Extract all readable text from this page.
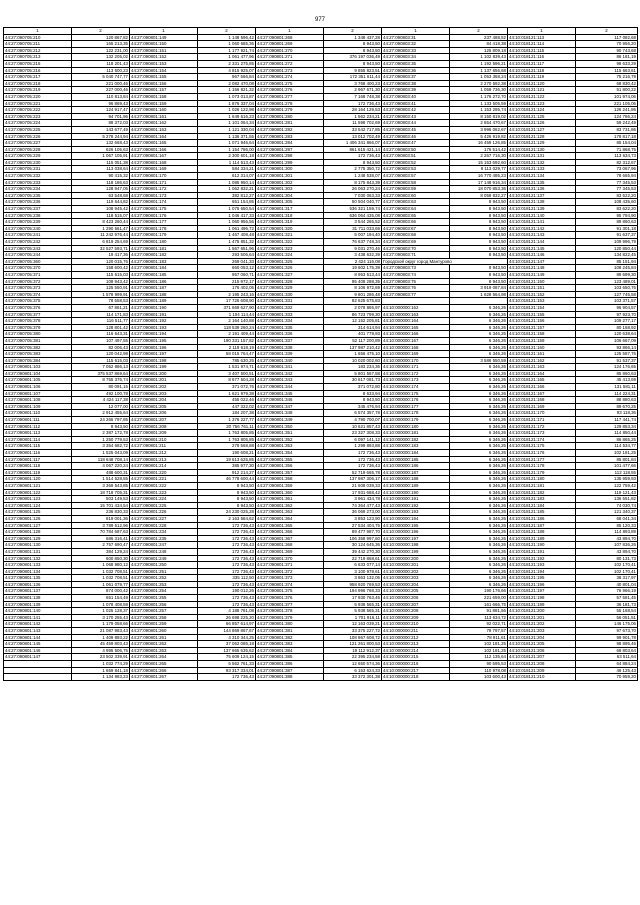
977
1	2	1	2	1	2	1	2	1	2
44:27:090705:210	120 867,82	44:27:090801:149	1 148 596,42	44:27:090801:268	1 348 437,28	44:27:090803:31	237 488,52	44:10:018121:113	117 082,68
44:27:090705:211	165 213,35	44:27:090801:150	1 060 685,36	44:27:090801:269	8 943,50	44:27:090803:32	84 418,38	44:10:018121:114	70 956,20
44:27:090705:212	122 231,00	44:27:090801:151	1 177 921,74	44:27:090801:270	8 943,50	44:27:090803:33	125 809,18	44:10:018121:115	90 743,68
44:27:090705:213	132 205,02	44:27:090801:152	1 061 477,96	44:27:090801:271	376 197 036,49	44:27:090803:34	1 102 839,43	44:10:018121:116	86 181,19
44:27:090705:215	118 201,43	44:27:090801:153	2 331 275,85	44:27:090801:272	8 943,50	44:27:090803:35	1 192 596,21	44:10:018121:117	98 633,29
44:27:090705:216	113 500,23	44:27:090801:154	4 815 925,07	44:27:090801:273	9 855 823,51	44:27:090803:36	1 137 656,68	44:10:018121:118	115 663,61
44:27:090705:217	5 040 747,77	44:27:090801:155	967 566,84	44:27:090801:274	172 351 611,44	44:27:090803:37	1 053 368,24	44:10:018121:119	75 216,79
44:27:090705:218	221 000,46	44:27:090801:156	2 082 470,08	44:27:090801:275	3 768 400,23	44:27:090803:38	2 270 592,38	44:10:018121:120	68 830,42
44:27:090705:219	227 000,46	44:27:090801:157	1 156 821,32	44:27:090801:276	2 967 671,30	44:27:090803:39	1 059 736,30	44:10:018121:121	51 800,22
44:27:090705:220	110 813,84	44:27:090801:158	1 073 013,87	44:27:090801:277	7 168 748,38	44:27:090803:40	1 176 272,70	44:10:018121:122	101 974,06
44:27:090705:221	96 869,43	44:27:090801:159	1 876 337,04	44:27:090801:278	172 736,43	44:27:090803:41	1 133 505,59	44:10:018121:123	221 105,06
44:27:090705:222	124 917,47	44:27:090801:160	1 026 122,98	44:27:090801:279	28 164 129,53	44:27:090803:42	1 153 295,74	44:10:018121:124	126 241,86
44:27:090705:223	94 701,96	44:27:090801:161	1 649 616,23	44:27:090801:280	1 562 234,21	44:27:090803:43	8 150 819,02	44:10:018121:125	124 786,24
44:27:090705:224	88 372,03	44:27:090801:162	1 101 064,34	44:27:090801:281	11 598 702,69	44:27:090803:44	2 654 470,67	44:10:018121:126	59 242,49
44:27:090705:225	143 677,49	44:27:090801:163	1 121 330,04	44:27:090801:282	33 542 717,85	44:27:090803:45	3 996 062,67	44:10:018121:127	83 731,86
44:27:090705:226	5 278 244,94	44:27:090801:164	1 136 371,55	44:27:090801:283	13 012 702,49	44:27:090803:46	5 426 919,82	44:10:018121:128	178 817,18
44:27:090705:227	132 668,43	44:27:090801:165	1 071 946,64	44:27:090801:284	1 406 341 866,07	44:27:090803:47	16 459 126,85	44:10:018121:129	85 154,04
44:27:090705:228	626 105,63	44:27:090801:166	1 154 786,00	44:27:090801:297	861 615 421,14	44:27:090803:50	176 514,42	44:10:018121:130	71 868,75
44:27:090705:229	1 067 105,91	44:27:090801:167	2 300 601,18	44:27:090801:298	172 736,43	44:27:090803:51	2 267 716,30	44:10:018121:131	113 634,73
44:27:090705:230	115 051,38	44:27:090801:168	1 114 513,43	44:27:090801:299	8 943,50	44:27:090803:52	15 153 692,60	44:10:018121:132	82 312,67
44:27:090705:231	113 038,64	44:27:090801:169	584 334,21	44:27:090801:300	2 775 350,72	44:27:090803:53	8 113 029,77	44:10:018121:133	73 067,96
44:27:090705:232	90 415,32	44:27:090801:170	612 314,07	44:27:090801:301	1 248 538,07	44:27:090803:57	16 770 485,23	44:10:018121:134	78 665,94
44:27:090705:233	118 186,63	44:27:090801:171	1 085 950,14	44:27:090801:302	8 175 843,39	44:27:090803:58	17 148 916,34	44:10:018121:135	77 345,53
44:27:090705:234	128 947,05	44:27:090801:172	1 062 832,21	44:27:090801:303	26 063 270,24	44:27:090803:59	18 070 853,36	44:10:018121:136	77 345,53
44:27:090705:235	63 548,68	44:27:090801:173	382 812,27	44:27:090801:304	7 030 063,33	44:27:090803:60	8 059 832,27	44:10:018121:137	83 622,20
44:27:090705:236	119 644,82	44:27:090801:174	651 154,85	44:27:090801:305	50 504 040,77	44:27:090803:63	8 943,50	44:10:018121:138	108 435,60
44:27:090705:237	108 945,42	44:27:090801:175	1 075 650,54	44:27:090801:317	536 321 159,74	44:27:090803:64	8 943,50	44:10:018121:139	83 622,20
44:27:090705:238	118 515,07	44:27:090801:176	1 046 417,33	44:27:090801:318	636 064 435,08	44:27:090803:65	8 943,50	44:10:018121:140	95 794,90
44:27:090705:239	8 423 260,44	44:27:090801:177	1 060 956,56	44:27:090801:319	3 544 265,52	44:27:090803:66	8 943,50	44:10:018121:141	89 860,63
44:27:090705:240	1 290 561,47	44:27:090801:178	1 061 496,72	44:27:090801:320	31 711 033,69	44:27:090803:67	8 943,50	44:10:018121:142	91 301,18
44:27:090705:241	11 242 976,44	44:27:090801:179	1 467 408,48	44:27:090801:321	5 007 194,40	44:27:090803:68	8 943,50	44:10:018121:143	91 637,37
44:27:090705:242	6 819 254,69	44:27:090801:180	1 475 851,32	44:27:090801:322	76 637 748,34	44:27:090803:69	8 943,50	44:10:018121:144	109 996,79
44:27:090705:243	32 527 593,71	44:27:090801:181	1 567 651,96	44:27:090801:323	9 031 270,46	44:27:090803:70	8 943,50	44:10:018121:145	120 850,44
44:27:090705:244	19 417,36	44:27:090801:182	293 506,64	44:27:090801:324	3 438 632,39	44:27:090803:71	8 943,50	44:10:018121:146	134 822,45
44:27:090705:360	120 015,76	44:27:090801:183	269 041,33	44:27:090801:325	2 424 116,08	Городской округ город Мантурово		44:10:018121:147	85 151,94
44:27:090705:370	158 600,42	44:27:090801:184	660 053,12	44:27:090801:326	19 602 175,39	44:27:090803:73	8 943,50	44:10:018121:148	108 245,84
44:27:090705:371	115 615,03	44:27:090801:185	957 060,71	44:27:090801:327	8 953 513,44	44:27:090803:74	8 943,50	44:10:018121:149	89 699,30
44:27:090705:372	108 943,42	44:27:090801:186	215 972,17	44:27:090801:328	95 408 288,35	44:27:090803:75	8 943,50	44:10:018121:150	123 489,01
44:27:090705:373	125 550,91	44:27:090801:187	176 402,05	44:27:090801:329	8 106 972,69	44:27:090803:76	3 919 087,84	44:10:018121:151	103 650,76
44:27:090705:374	1 578 999,91	44:27:090801:188	2 195 243,16	44:27:090801:330	9 801 286,48	44:27:090803:77	1 628 564,98	44:10:018121:152	127 745,58
44:27:090705:375	78 558,53	44:27:090801:189	17 726 608,90	44:27:090801:331	82 625 675,83			44:10:018121:153	103 371,57
44:27:090705:376	67 861,21	44:27:090801:190	371 669 627,90	44:27:090801:332	2 078 865,97	44:10:000000:162	6 346,26	44:10:018121:154	96 904,57
44:27:090705:377	114 171,83	44:27:090801:191	1 104 114,44	44:27:090801:333	86 723 799,30	44:10:000000:163	6 346,26	44:10:018121:155	97 923,70
44:27:090705:378	116 511,77	44:27:090801:192	2 164 140,88	44:27:090801:334	12 152 205,81	44:10:000000:164	6 346,26	44:10:018121:156	109 277,17
44:27:090705:379	128 801,42	44:27:090801:193	118 539 260,24	44:27:090801:335	314 614,94	44:10:000000:165	6 346,26	44:10:018121:157	80 168,92
44:27:090705:380	116 643,31	44:27:090801:194	2 191 409,44	44:27:090801:336	401 779,93	44:10:000000:166	6 346,26	44:10:018121:158	120 638,64
44:27:090705:381	107 497,55	44:27:090801:195	190 331 157,82	44:27:090801:337	52 117 200,89	44:10:000000:167	6 346,26	44:10:018121:159	106 667,09
44:27:090705:382	82 006,43	44:27:090801:196	2 119 618,19	44:27:090801:338	137 987 210,42	44:10:000000:168	6 346,26	44:10:018121:160	93 866,14
44:27:090705:383	120 042,98	44:27:090801:197	58 015 764,47	44:27:090801:339	1 656 475,10	44:10:000000:169	6 346,26	44:10:018121:161	125 587,76
44:27:090705:384	115 615,03	44:27:090801:198	785 630,25	44:27:090801:340	10 020 002,60	44:10:000000:170	3 586 550,59	44:10:018121:162	91 537,37
44:27:090801:103	7 052 886,13	44:27:090801:199	1 531 974,71	44:27:090801:341	183 234,36	44:10:000000:171	6 346,26	44:10:018121:163	124 176,65
44:27:090801:104	375 537 869,64	44:27:090801:200	3 407 500,51	44:27:090801:342	5 801 567,58	44:10:000000:172	6 346,26	44:10:018121:164	85 860,63
44:27:090801:105	8 755 376,74	44:27:090801:201	8 677 504,28	44:27:090801:343	30 617 081,73	44:10:000000:173	6 346,26	44:10:018121:165	45 413,69
44:27:090801:106	80 091,15	44:27:090801:202	371 072,76	44:27:090801:344	371 072,80	44:10:000000:174	6 346,26	44:10:018121:166	131 581,11
44:27:090801:107	492 100,78	44:27:090801:203	1 621 979,38	44:27:090801:345	8 633,94	44:10:000000:175	6 346,26	44:10:018121:167	114 224,31
44:27:090801:108	4 424 117,38	44:27:090801:204	455 022,46	44:27:090801:346	8 943,50	44:10:000000:176	6 346,26	44:10:018121:168	88 880,63
44:27:090801:109	12 077,00	44:27:090801:205	447 322,02	44:27:090801:347	345 476,94	44:10:000000:177	6 346,26	44:10:018121:169	89 670,25
44:27:090801:110	2 912 455,64	44:27:090801:206	184 207,38	44:27:090801:348	6 574 357,78	44:10:000000:178	6 346,26	44:10:018121:170	93 118,36
44:27:090801:111	24 266 797,85	44:27:090801:207	1 376 227,77	44:27:090801:349	4 790 700,07	44:10:000000:179	6 346,26	44:10:018121:171	117 441,74
44:27:090801:112	8 943,50	44:27:090801:208	20 756 761,11	44:27:090801:350	10 621 857,43	44:10:000000:180	6 346,26	44:10:018121:172	129 853,34
44:27:090801:113	2 387 172,78	44:27:090801:209	1 763 805,85	44:27:090801:351	23 327 308,33	44:10:000000:181	6 346,26	44:10:018121:173	114 850,44
44:27:090801:114	1 250 779,53	44:27:090801:210	1 763 805,85	44:27:090801:352	6 097 141,12	44:10:000000:182	6 346,26	44:10:018121:174	86 865,25
44:27:090801:115	3 354 682,72	44:27:090801:211	278 568,88	44:27:090801:353	1 299 893,88	44:10:000000:183	6 346,26	44:10:018121:175	114 534,77
44:27:090801:116	1 525 043,09	44:27:090801:212	190 608,21	44:27:090801:354	172 736,43	44:10:000000:184	6 346,26	44:10:018121:176	102 181,25
44:27:090801:117	118 648 708,14	44:27:090801:213	19 613 625,85	44:27:090801:355	172 736,43	44:10:000000:185	6 346,26	44:10:018121:177	85 801,84
44:27:090801:118	4 067 220,24	44:27:090801:214	385 977,30	44:27:090801:356	172 736,43	44:10:000000:186	6 346,26	44:10:018121:178	101 477,66
44:27:090801:119	488 600,31	44:27:090801:220	912 214,27	44:27:090801:357	52 719 665,78	44:10:000000:187	6 346,26	44:10:018121:179	112 118,55
44:27:090801:120	1 514 528,55	44:27:090801:221	46 778 600,44	44:27:090801:358	137 987 306,17	44:10:000000:188	6 346,26	44:10:018121:180	135 959,93
44:27:090801:121	3 369 543,85	44:27:090801:222	8 943,50	44:27:090801:359	21 608 039,33	44:10:000000:189	6 346,26	44:10:018121:181	122 759,42
44:27:090801:122	18 718 705,31	44:27:090801:223	8 943,50	44:27:090801:360	17 931 668,42	44:10:000000:190	6 346,26	44:10:018121:182	119 121,43
44:27:090801:123	503 149,53	44:27:090801:224	8 943,50	44:27:090801:361	3 961 434,78	44:10:000000:191	6 346,26	44:10:018121:183	136 551,82
44:27:090801:124	15 701 434,54	44:27:090801:225	8 943,50	44:27:090801:362	74 364 477,43	44:10:000000:192	6 346,26	44:10:018121:184	74 030,74
44:27:090801:125	236 830,33	44:27:090801:226	24 230 025,28	44:27:090801:363	36 069 273,00	44:10:000000:193	6 346,26	44:10:018121:185	121 340,37
44:27:090801:126	819 001,36	44:27:090801:227	2 163 584,62	44:27:090801:364	3 853 123,90	44:10:000000:194	6 346,26	44:10:018121:186	68 041,34
44:27:090801:127	3 789 512,96	44:27:090801:228	172 736,43	44:27:090801:365	27 534 404,75	44:10:000000:195	6 346,26	44:10:018121:187	85 120,33
44:27:090801:128	70 784 687,63	44:27:090801:234	172 736,43	44:27:090801:366	89 477 987,70	44:10:000000:196	6 346,26	44:10:018121:188	114 893,89
44:27:090801:129	686 316,41	44:27:090801:235	172 736,43	44:27:090801:367	106 358 997,60	44:10:000000:197	6 346,26	44:10:018121:189	43 894,70
44:27:090801:130	2 757 690,47	44:27:090801:247	172 736,43	44:27:090801:368	30 124 645,36	44:10:000000:198	6 346,26	44:10:018121:190	107 836,26
44:27:090801:131	384 129,24	44:27:090801:248	172 736,43	44:27:090801:369	39 442 270,30	44:10:000000:199	6 346,26	44:10:018121:191	43 894,70
44:27:090801:132	600 850,30	44:27:090801:249	172 736,43	44:27:090801:370	22 719 868,61	44:10:000000:200	6 346,26	44:10:018121:192	80 131,73
44:27:090801:133	1 068 980,12	44:27:090801:250	172 736,43	44:27:090801:371	6 633 077,14	44:10:000000:201	6 346,26	44:10:018121:193	102 170,41
44:27:090801:134	1 032 708,51	44:27:090801:251	172 736,43	44:27:090801:372	3 100 978,61	44:10:000000:202	6 346,26	44:10:018121:194	102 170,41
44:27:090801:135	1 032 708,51	44:27:090801:252	335 112,50	44:27:090801:373	3 863 132,05	44:10:000000:203	6 346,26	44:10:018121:195	38 317,97
44:27:090801:136	1 061 079,77	44:27:090801:253	172 736,43	44:27:090801:374	958 920 769,53	44:10:000000:204	6 346,26	44:10:018121:196	40 801,04
44:27:090801:137	874 000,42	44:27:090801:254	190 012,26	44:27:090801:375	194 996 768,33	44:10:000000:205	190 176,66	44:10:018121:197	76 966,19
44:27:090801:138	651 154,49	44:27:090801:255	172 736,43	44:27:090801:376	17 930 763,45	44:10:000000:206	221 659,00	44:10:018121:198	57 581,45
44:27:090801:139	1 078 408,59	44:27:090801:256	172 736,43	44:27:090801:377	5 938 565,31	44:10:000000:207	161 666,75	44:10:018121:199	36 181,73
44:27:090801:140	1 025 128,37	44:27:090801:257	4 188 781,08	44:27:090801:378	5 938 565,31	44:10:000000:208	91 881,56	44:10:018121:200	55 168,54
44:27:090801:141	3 170 255,43	44:27:090801:258	26 698 225,20	44:27:090801:379	1 701 916,11	44:10:000000:209	113 634,72	44:10:018121:201	56 051,51
44:27:090801:142	1 179 058,66	44:27:090801:259	66 857 614,97	44:27:090801:380	12 163 039,21	44:10:000000:210	92 022,71	44:10:018121:202	146 175,06
44:27:090801:143	21 087 983,43	44:27:090801:260	144 869 867,67	44:27:090801:381	33 375 227,72	44:10:000000:211	79 797,57	44:10:018121:203	97 673,70
44:27:090801:144	1 409 893,22	44:27:090801:261	4 310 344,25	44:27:090801:382	108 867 608,72	44:10:000000:212	78 911,61	44:10:018121:204	99 901,78
44:27:090801:145	45 459 803,43	44:27:090801:262	37 062 085,18	44:27:090801:383	121 261 800,53	44:10:000000:213	102 181,25	44:10:018121:205	98 895,46
44:27:090801:146	4 995 506,75	44:27:090801:263	137 665 635,62	44:27:090801:384	19 112 912,37	44:10:000000:214	102 181,25	44:10:018121:206	69 803,64
44:27:090801:147	23 502 339,91	44:27:090801:264	75 609 124,15	44:27:090801:385	22 395 234,58	44:10:000000:215	112 135,64	44:10:018121:207	63 511,64
	1 032 774,29	44:27:090801:265	5 562 761,33	44:27:090801:386	12 650 574,36	44:10:000000:216	90 595,53	44:10:018121:208	64 884,24
	1 659 841,18	44:27:090801:266	93 317 334,01	44:27:090801:387	6 153 624,33	44:10:000000:217	110 978,08	44:10:018121:209	46 125,43
	1 134 983,23	44:27:090801:267	172 736,43	44:27:090801:388	33 372 301,38	44:10:000000:218	103 600,43	44:10:018121:210	70 959,20
